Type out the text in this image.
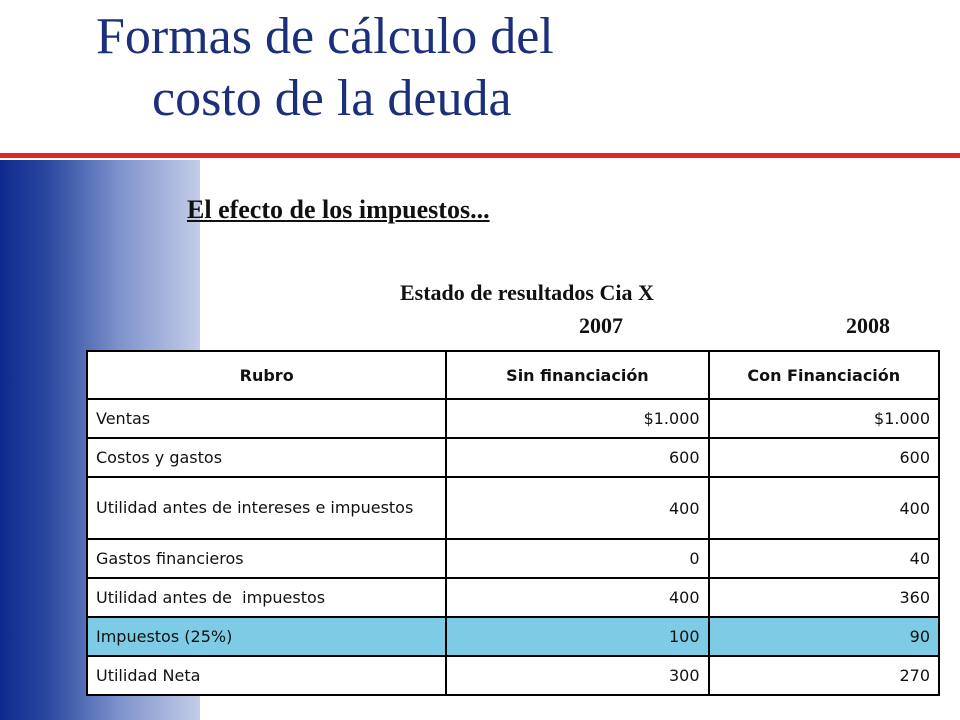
Formas de cálculo del
costo de la deuda
El efecto de los impuestos...
Estado de resultados Cia X
2007	2008
Rubro	Sin financiación	Con Financiación
Ventas	$1.000	$1.000
Costos y gastos	600	600
Utilidad antes de intereses e impuestos	400	400
Gastos financieros	0	40
Utilidad antes de  impuestos	400	360
Impuestos (25%)	100	90
Utilidad Neta	300	270
